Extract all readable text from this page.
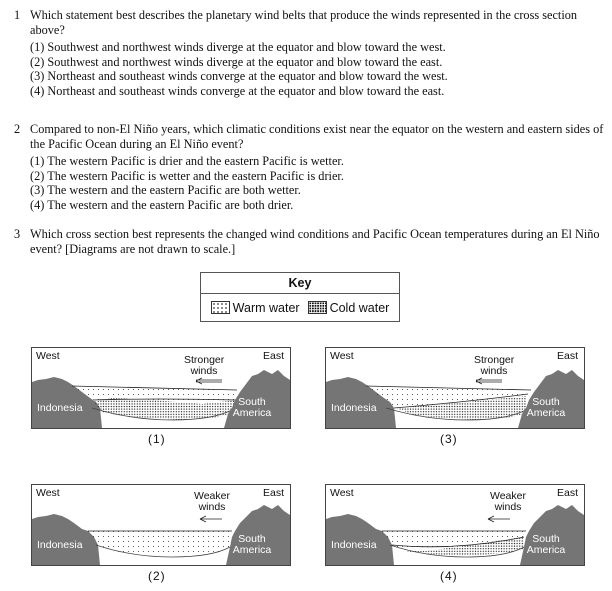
1 Which statement best describes the planetary wind belts that produce the winds represented in the cross section above?
(1) Southwest and northwest winds diverge at the equator and blow toward the west.
(2) Southwest and northwest winds diverge at the equator and blow toward the east.
(3) Northeast and southeast winds converge at the equator and blow toward the west.
(4) Northeast and southeast winds converge at the equator and blow toward the east.
2 Compared to non-El Niño years, which climatic conditions exist near the equator on the western and eastern sides of the Pacific Ocean during an El Niño event?
(1) The western Pacific is drier and the eastern Pacific is wetter.
(2) The western Pacific is wetter and the eastern Pacific is drier.
(3) The western and the eastern Pacific are both wetter.
(4) The western and the eastern Pacific are both drier.
3 Which cross section best represents the changed wind conditions and Pacific Ocean temperatures during an El Niño event? [Diagrams are not drawn to scale.]
Key
Warm water Cold water
West	East
Stronger
winds
Indonesia	South
America
(1)
West	East
Stronger
winds
Indonesia	South
America
(3)
West	East
Weaker
winds
Indonesia	South
America
(2)
West	East
Weaker
winds
Indonesia	South
America
(4)
